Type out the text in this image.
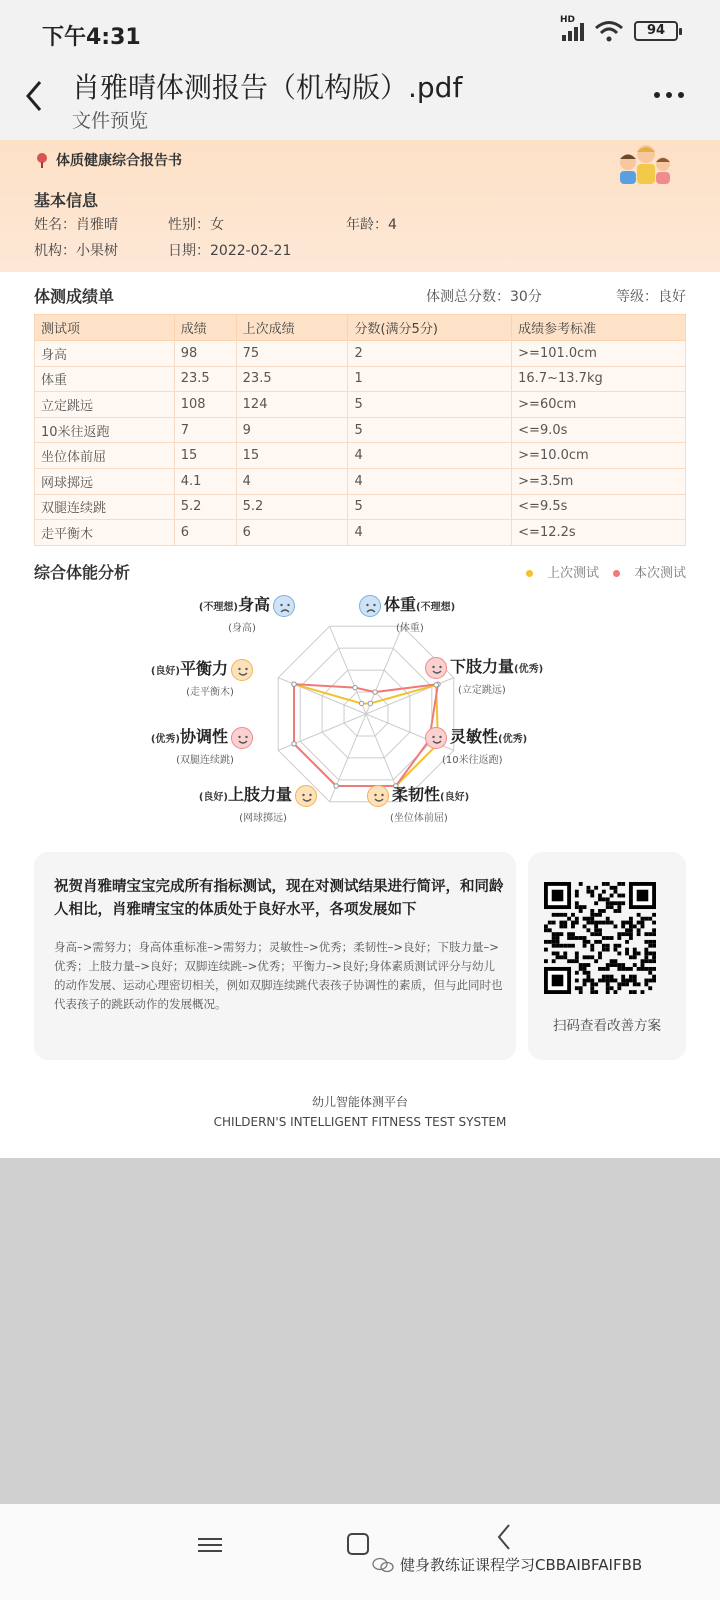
下午4:31
HD
94
肖雅晴体测报告（机构版）.pdf
文件预览
体质健康综合报告书
基本信息
姓名：肖雅晴	性别：女	年龄：4
机构：小果树	日期：2022-02-21
体测成绩单	体测总分数：30分	等级：良好
测试项	成绩	上次成绩	分数(满分5分)	成绩参考标准
身高	98	75	2	>=101.0cm
体重	23.5	23.5	1	16.7~13.7kg
立定跳远	108	124	5	>=60cm
10米往返跑	7	9	5	<=9.0s
坐位体前屈	15	15	4	>=10.0cm
网球掷远	4.1	4	4	>=3.5m
双腿连续跳	5.2	5.2	5	<=9.5s
走平衡木	6	6	4	<=12.2s
综合体能分析	上次测试	本次测试
(不理想)身高
(身高)
体重(不理想)
(体重)
下肢力量(优秀)
(立定跳远)
灵敏性(优秀)
(10米往返跑)
柔韧性(良好)
(坐位体前屈)
(良好)上肢力量
(网球掷远)
(优秀)协调性
(双腿连续跳)
(良好)平衡力
(走平衡木)
祝贺肖雅晴宝宝完成所有指标测试，现在对测试结果进行简评，和同龄人相比，肖雅晴宝宝的体质处于良好水平，各项发展如下
身高–>需努力；身高体重标准–>需努力；灵敏性–>优秀；柔韧性–>良好；下肢力量–>优秀；上肢力量–>良好；双脚连续跳–>优秀；平衡力–>良好;身体素质测试评分与幼儿的动作发展、运动心理密切相关，例如双脚连续跳代表孩子协调性的素质，但与此同时也代表孩子的跳跃动作的发展概况。
扫码查看改善方案
幼儿智能体测平台
CHILDERN'S INTELLIGENT FITNESS TEST SYSTEM
健身教练证课程学习CBBAIBFAIFBB
